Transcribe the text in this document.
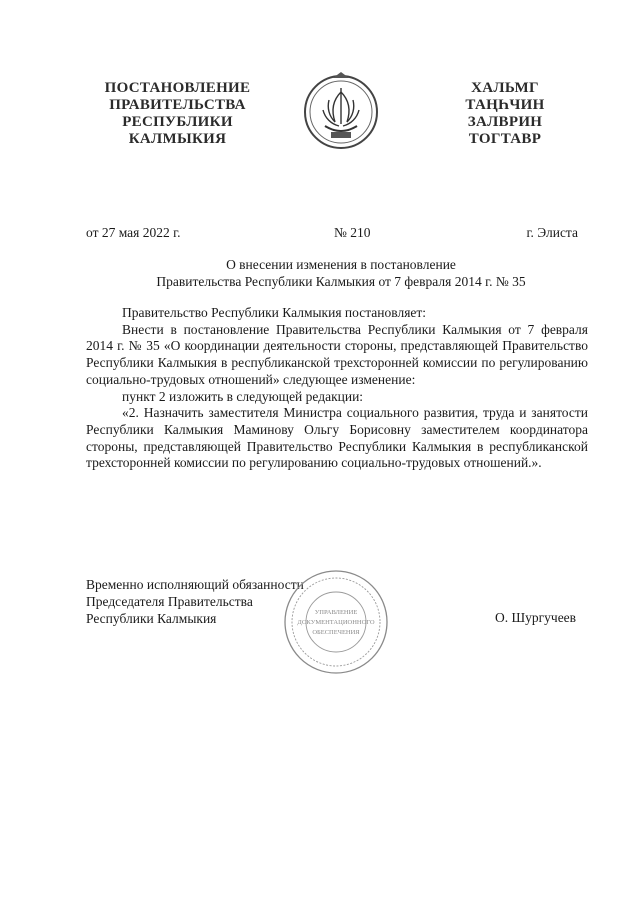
ПОСТАНОВЛЕНИЕ
ПРАВИТЕЛЬСТВА
РЕСПУБЛИКИ
КАЛМЫКИЯ
ХАЛЬМГ
ТАҢҺЧИН
ЗАЛВРИН
ТОГТАВР
от 27 мая 2022 г.	№ 210	г. Элиста
О внесении изменения в постановление
Правительства Республики Калмыкия от 7 февраля 2014 г. № 35

Правительство Республики Калмыкия постановляет:

Внести в постановление Правительства Республики Калмыкия от 7 февраля 2014 г. № 35 «О координации деятельности стороны, представляющей Правительство Республики Калмыкия в республиканской трехсторонней комиссии по регулированию социально-трудовых отношений» следующее изменение:

пункт 2 изложить в следующей редакции:

«2. Назначить заместителя Министра социального развития, труда и занятости Республики Калмыкия Маминову Ольгу Борисовну заместителем координатора стороны, представляющей Правительство Республики Калмыкия в республиканской трехсторонней комиссии по регулированию социально-трудовых отношений.».

Временно исполняющий обязанности
Председателя Правительства
Республики Калмыкия	УПРАВЛЕНИЕ
ДОКУМЕНТАЦИОННОГО
ОБЕСПЕЧЕНИЯ
О. Шургучеев
